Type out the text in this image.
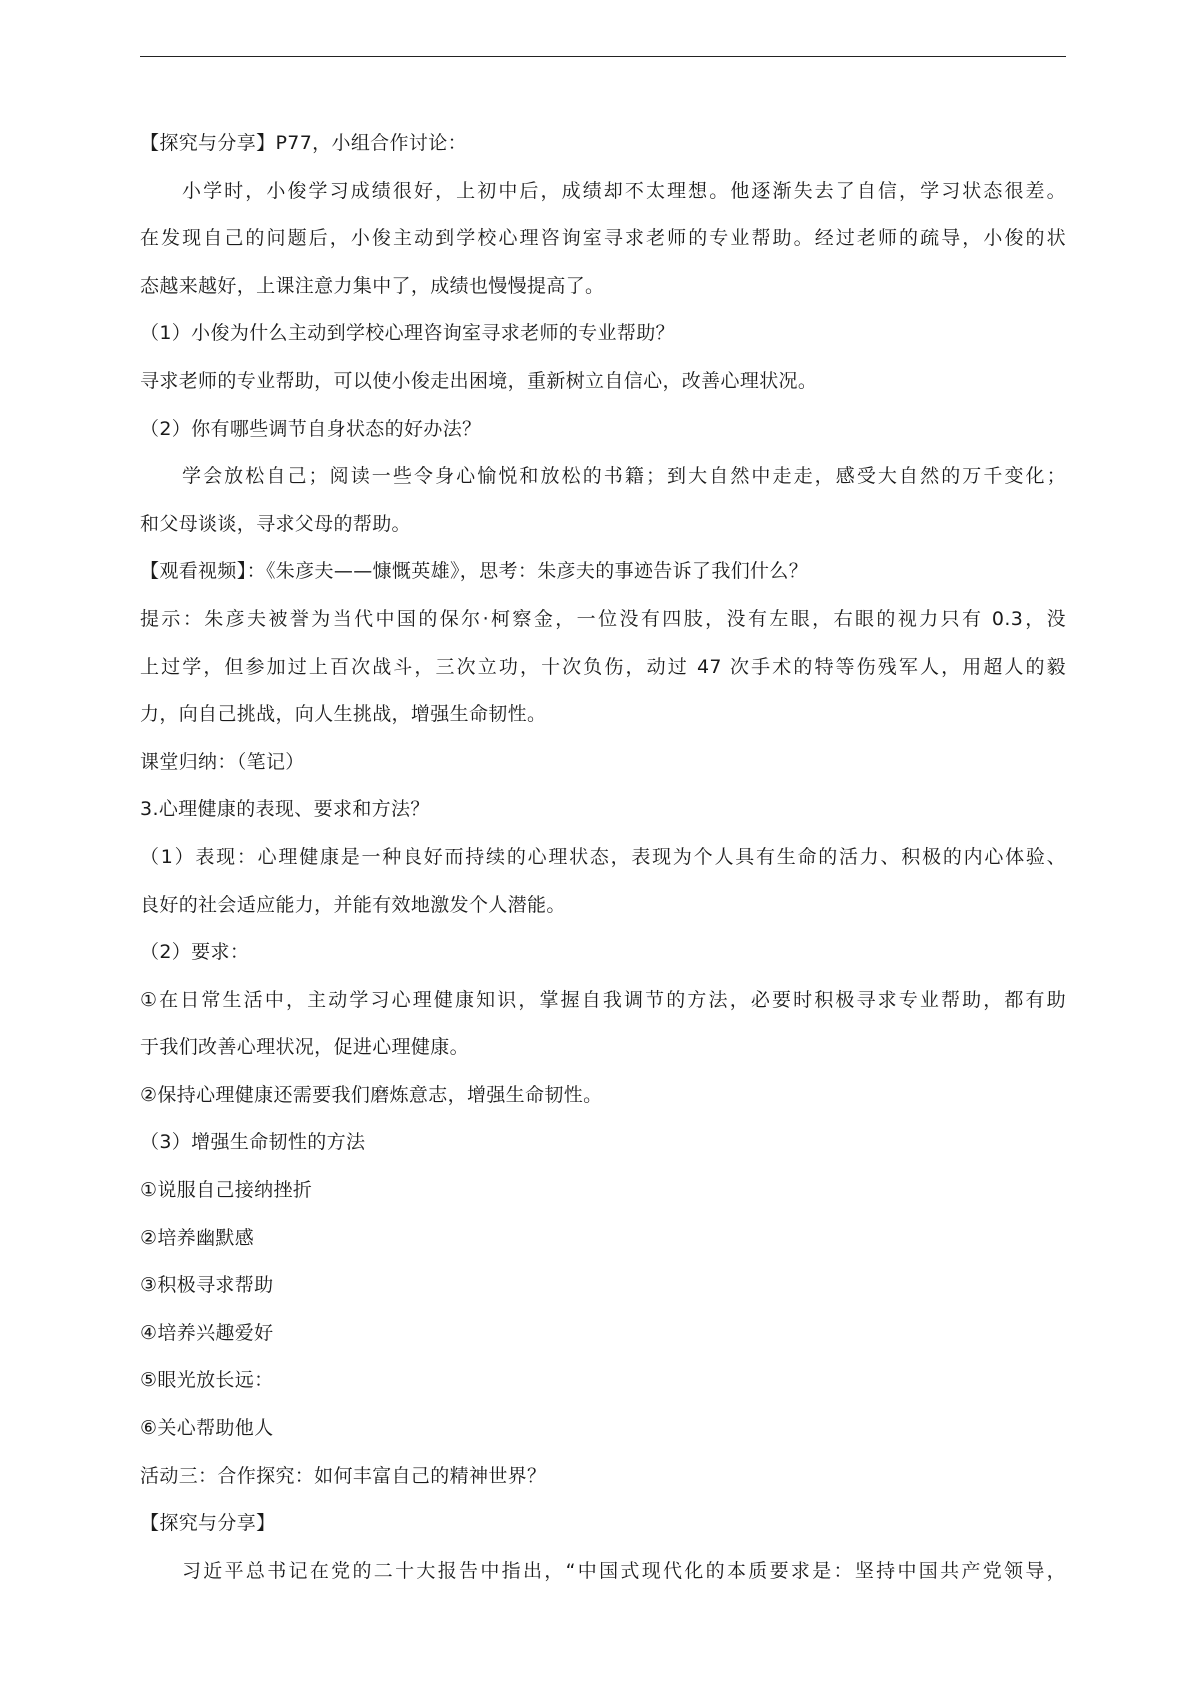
【探究与分享】P77，小组合作讨论：
小学时，小俊学习成绩很好，上初中后，成绩却不太理想。他逐渐失去了自信，学习状态很差。
在发现自己的问题后，小俊主动到学校心理咨询室寻求老师的专业帮助。经过老师的疏导，小俊的状
态越来越好，上课注意力集中了，成绩也慢慢提高了。
（1）小俊为什么主动到学校心理咨询室寻求老师的专业帮助？
寻求老师的专业帮助，可以使小俊走出困境，重新树立自信心，改善心理状况。
（2）你有哪些调节自身状态的好办法？
学会放松自己；阅读一些令身心愉悦和放松的书籍；到大自然中走走，感受大自然的万千变化；
和父母谈谈，寻求父母的帮助。
【观看视频】：《朱彦夫——慷慨英雄》，思考：朱彦夫的事迹告诉了我们什么？
提示：朱彦夫被誉为当代中国的保尔·柯察金，一位没有四肢，没有左眼，右眼的视力只有 0.3，没
上过学，但参加过上百次战斗，三次立功，十次负伤，动过 47 次手术的特等伤残军人，用超人的毅
力，向自己挑战，向人生挑战，增强生命韧性。
课堂归纳：（笔记）
3.心理健康的表现、要求和方法？
（1）表现：心理健康是一种良好而持续的心理状态，表现为个人具有生命的活力、积极的内心体验、
良好的社会适应能力，并能有效地激发个人潜能。
（2）要求：
①在日常生活中，主动学习心理健康知识，掌握自我调节的方法，必要时积极寻求专业帮助，都有助
于我们改善心理状况，促进心理健康。
②保持心理健康还需要我们磨炼意志，增强生命韧性。
（3）增强生命韧性的方法
①说服自己接纳挫折
②培养幽默感
③积极寻求帮助
④培养兴趣爱好
⑤眼光放长远：
⑥关心帮助他人
活动三：合作探究：如何丰富自己的精神世界？
【探究与分享】
习近平总书记在党的二十大报告中指出，“中国式现代化的本质要求是：坚持中国共产党领导，
